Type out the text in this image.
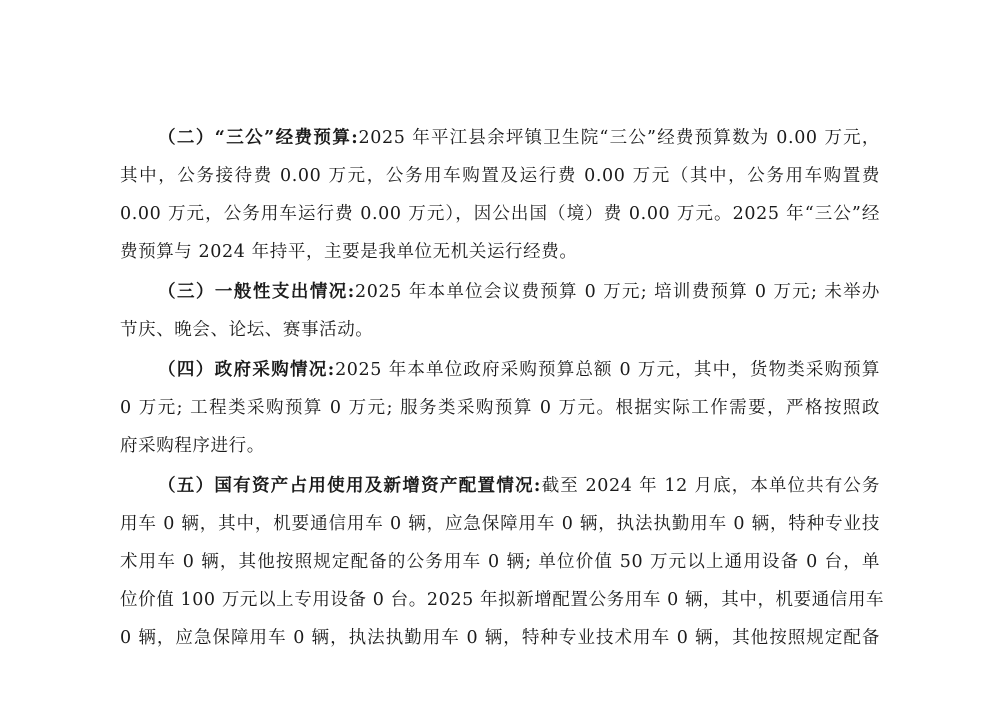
（二）“三公”经费预算:2025 年平江县余坪镇卫生院“三公”经费预算数为 0.00 万元，
其中，公务接待费 0.00 万元，公务用车购置及运行费 0.00 万元（其中，公务用车购置费
0.00 万元，公务用车运行费 0.00 万元），因公出国（境）费 0.00 万元。2025 年“三公”经
费预算与 2024 年持平，主要是我单位无机关运行经费。
（三）一般性支出情况:2025 年本单位会议费预算 0 万元; 培训费预算 0 万元; 未举办
节庆、晚会、论坛、赛事活动。
（四）政府采购情况:2025 年本单位政府采购预算总额 0 万元，其中，货物类采购预算
0 万元; 工程类采购预算 0 万元; 服务类采购预算 0 万元。根据实际工作需要，严格按照政
府采购程序进行。
（五）国有资产占用使用及新增资产配置情况:截至 2024 年 12 月底，本单位共有公务
用车 0 辆，其中，机要通信用车 0 辆，应急保障用车 0 辆，执法执勤用车 0 辆，特种专业技
术用车 0 辆，其他按照规定配备的公务用车 0 辆; 单位价值 50 万元以上通用设备 0 台，单
位价值 100 万元以上专用设备 0 台。2025 年拟新增配置公务用车 0 辆，其中，机要通信用车
0 辆，应急保障用车 0 辆，执法执勤用车 0 辆，特种专业技术用车 0 辆，其他按照规定配备
